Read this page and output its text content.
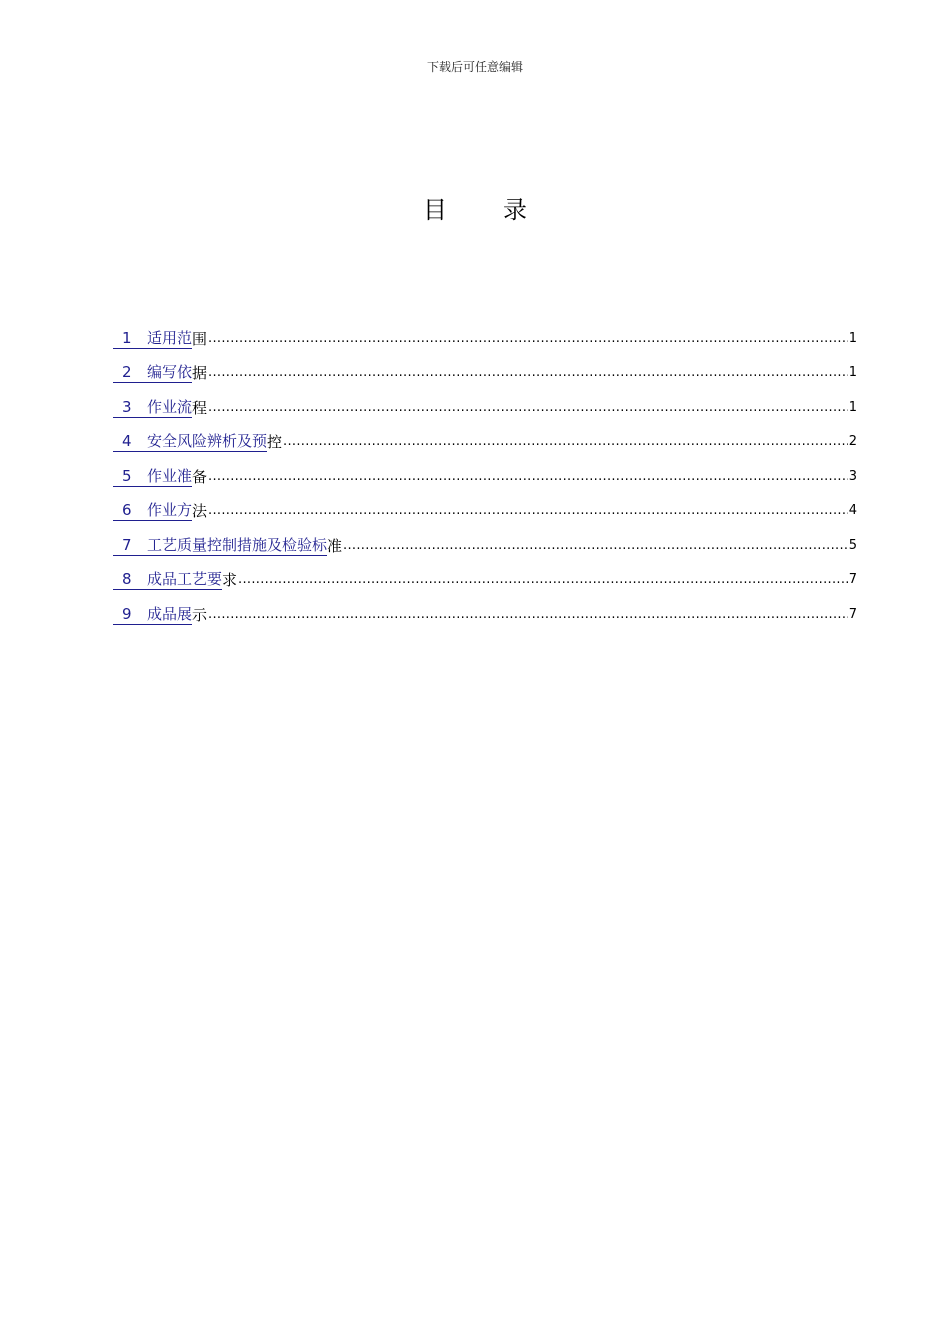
下载后可任意编辑
目录
1	适用范 围 .....	1
2	编写依 据 .....	1
3	作业流 程 .....	1
4	安全风险辨析及预 控 .....	2
5	作业准 备 .....	3
6	作业方 法 .....	4
7	工艺质量控制措施及检验标 准 .....	5
8	成品工艺要 求 .....	7
9	成品展 示 .....	7
